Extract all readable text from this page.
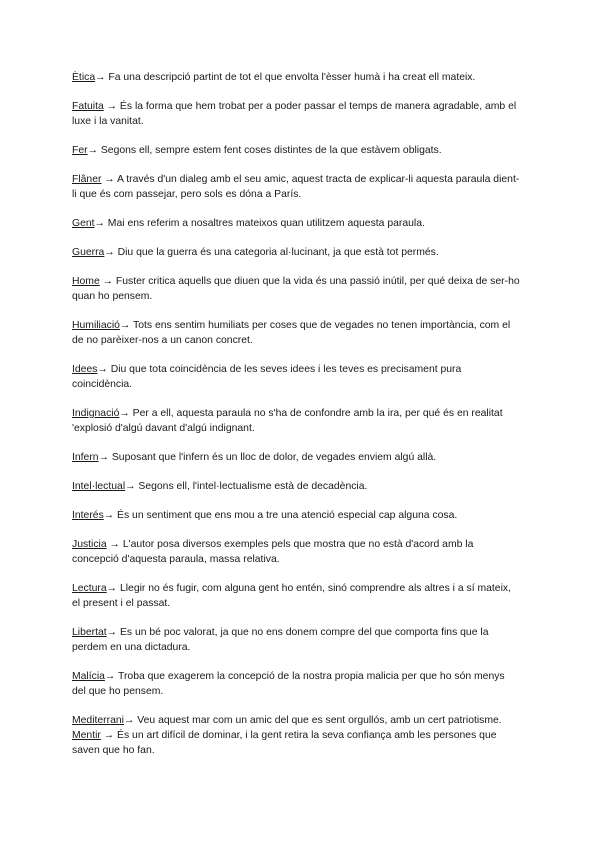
Ètica→ Fa una descripció partint de tot el que envolta l'èsser humà i ha creat ell mateix.

Fatuita → És la forma que hem trobat per a poder passar el temps de manera agradable, amb el luxe i la vanitat.

Fer→ Segons ell, sempre estem fent coses distintes de la que estàvem obligats.

Flâner → A través d'un dialeg amb el seu amic, aquest tracta de explicar-li aquesta paraula dient-li que és com passejar, pero sols es dóna a París.

Gent→ Mai ens referim a nosaltres mateixos quan utilitzem aquesta paraula.

Guerra→ Diu que la guerra és una categoria al·lucinant, ja que està tot permés.

Home → Fuster critica aquells que diuen que la vida és una passió inútil, per qué deixa de ser-ho quan ho pensem.

Humiliació→ Tots ens sentim humiliats per coses que de vegades no tenen importància, com el de no parèixer-nos a un canon concret.

Idees→ Diu que tota coincidència de les seves idees i les teves es precisament pura coincidència.

Indignació→ Per a ell, aquesta paraula no s'ha de confondre amb la ira, per qué és en realitat 'explosió d'algú davant d'algú indignant.

Infern→ Suposant que l'infern és un lloc de dolor, de vegades enviem algú allà.

Intel·lectual→ Segons ell, l'intel·lectualisme està de decadència.

Interés→ És un sentiment que ens mou a tre una atenció especial cap alguna cosa.

Justicia → L'autor posa diversos exemples pels que mostra que no està d'acord amb la concepció d'aquesta paraula, massa relativa.

Lectura→ Llegir no és fugir, com alguna gent ho entén, sinó comprendre als altres i a sí mateix, el present i el passat.

Libertat→ Es un bé poc valorat, ja que no ens donem compre del que comporta fins que la perdem en una dictadura.

Malícia→ Troba que exagerem la concepció de la nostra propia malicia per que ho són menys del que ho pensem.

Mediterrani→ Veu aquest mar com un amic del que es sent orgullós, amb un cert patriotisme.

Mentir → És un art difícil de dominar, i la gent retira la seva confiança amb les persones que saven que ho fan.
